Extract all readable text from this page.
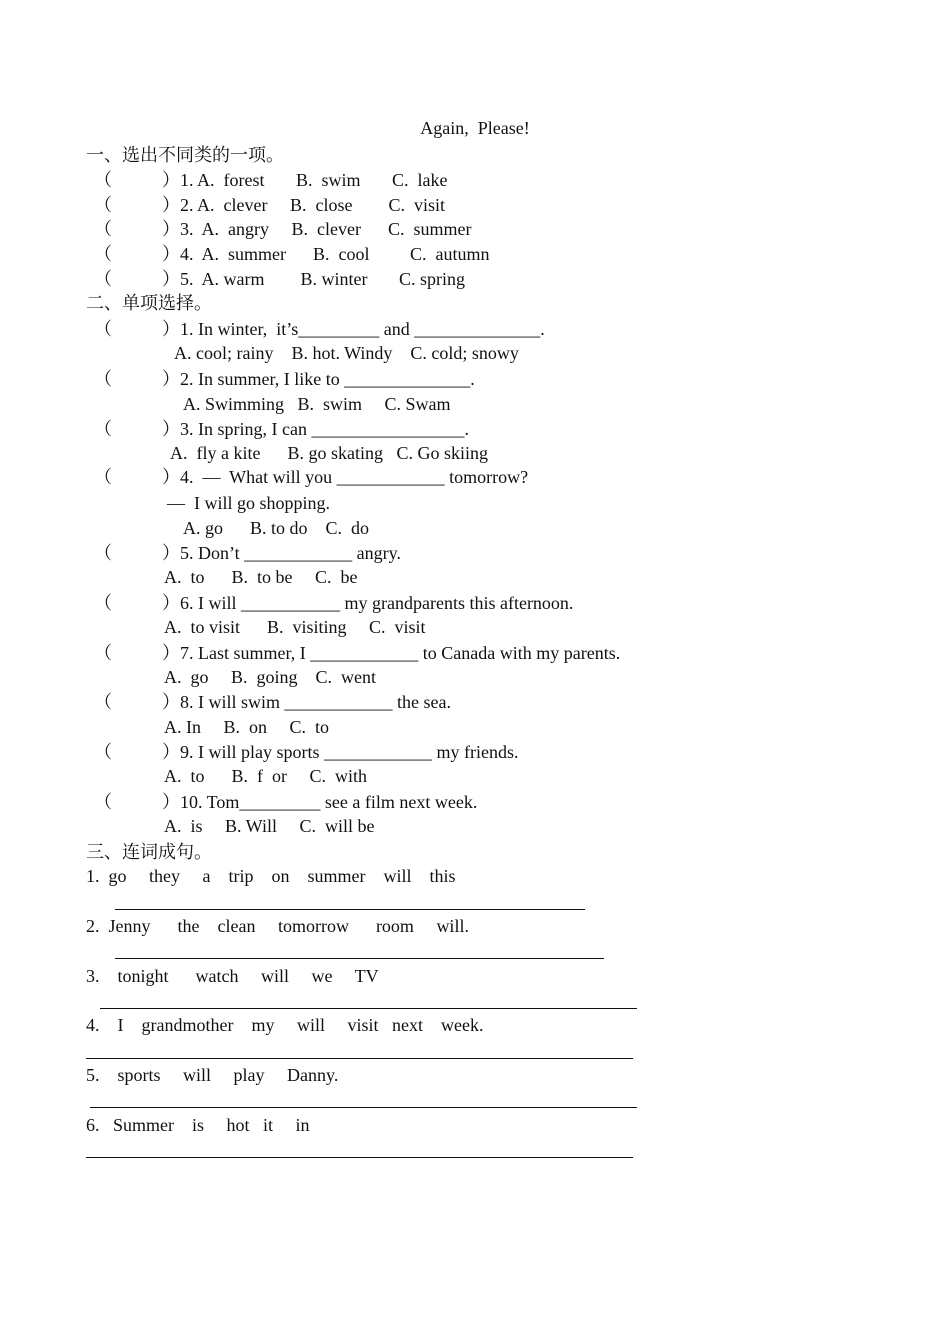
Again,  Please!
一、选出不同类的一项。
（	）1. A.  forest       B.  swim       C.  lake
（	）2. A.  clever     B.  close        C.  visit
（	）3.  A.  angry     B.  clever      C.  summer
（	）4.  A.  summer      B.  cool         C.  autumn
（	）5.  A. warm        B. winter       C. spring
二、单项选择。
（	）1. In winter,  it’s_________ and ______________.
A. cool; rainy    B. hot. Windy    C. cold; snowy
（	）2. In summer, I like to ______________.
A. Swimming   B.  swim     C. Swam
（	）3. In spring, I can _________________.
A.  fly a kite      B. go skating   C. Go skiing
（	）4.  —  What will you ____________ tomorrow?
—  I will go shopping.
A. go      B. to do    C.  do
（	）5. Don’t ____________ angry.
A.  to      B.  to be     C.  be
（	）6. I will ___________ my grandparents this afternoon.
A.  to visit      B.  visiting     C.  visit
（	）7. Last summer, I ____________ to Canada with my parents.
A.  go     B.  going    C.  went
（	）8. I will swim ____________ the sea.
A. In     B.  on     C.  to
（	）9. I will play sports ____________ my friends.
A.  to      B.  f  or     C.  with
（	）10. Tom_________ see a film next week.
A.  is     B. Will     C.  will be
三、连词成句。
1.  go     they     a    trip    on    summer    will    this
2.  Jenny      the    clean     tomorrow      room     will.
3.    tonight      watch     will     we     TV
4.    I    grandmother    my     will     visit   next    week.
5.    sports     will     play     Danny.
6.   Summer    is     hot   it     in
